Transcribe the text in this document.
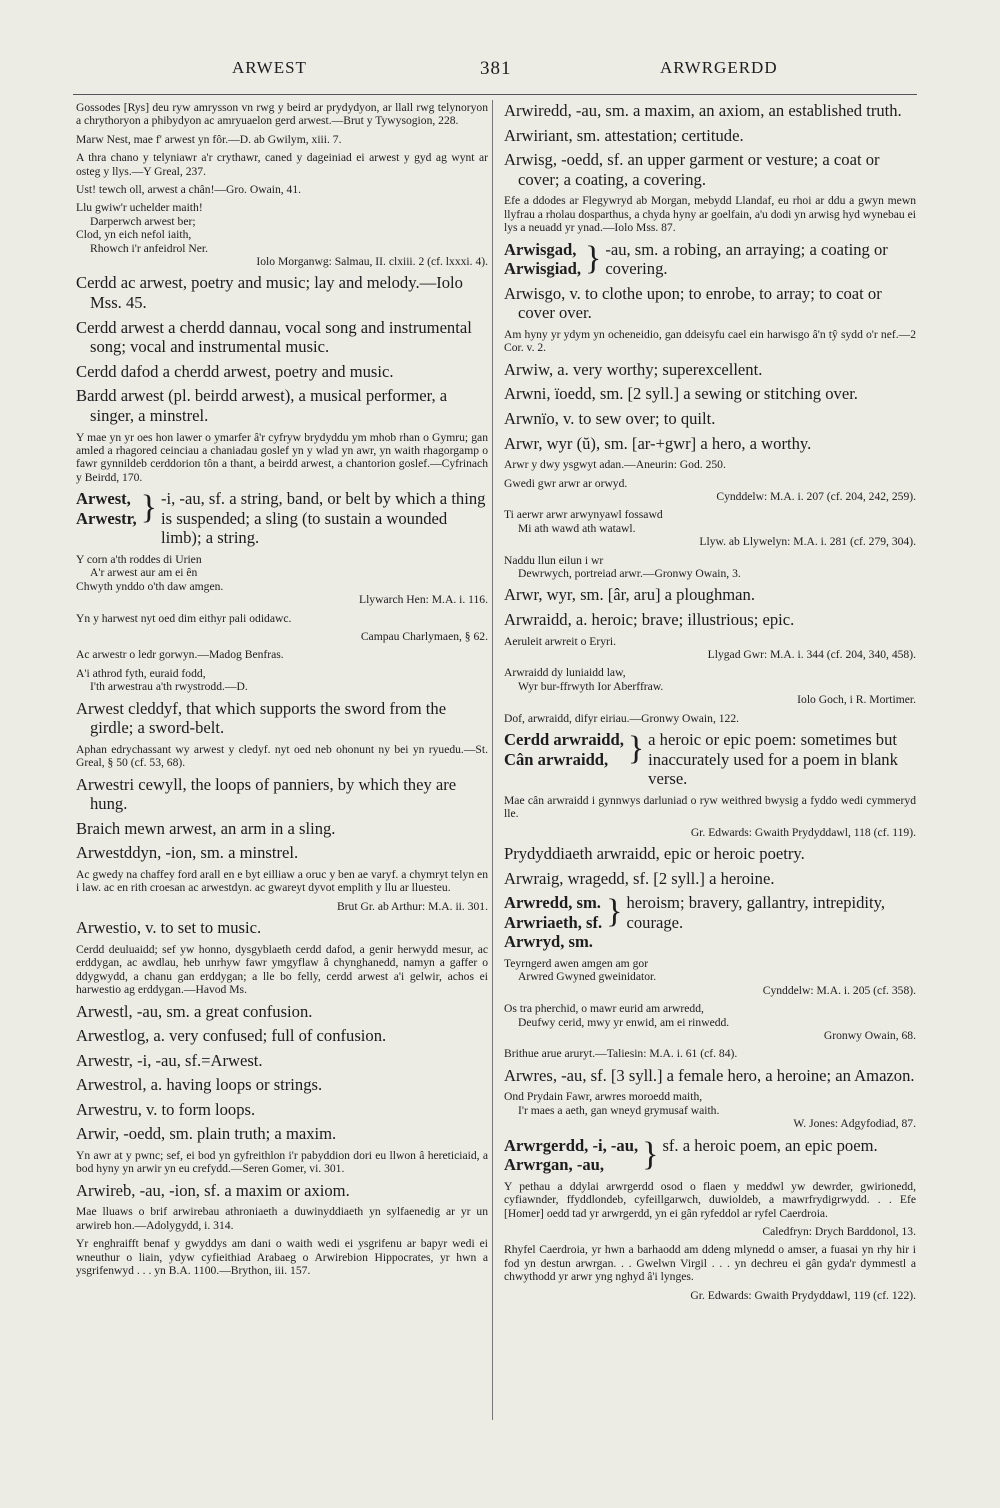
ARWEST	381	ARWRGERDD

Gossodes [Rys] deu ryw amrysson vn rwg y beird ar prydydyon, ar llall rwg telynoryon a chrythoryon a phibydyon ac amryuaelon gerd arwest.—Brut y Tywysogion, 228.

Marw Nest, mae f' arwest yn fôr.—D. ab Gwilym, xiii. 7.

A thra chano y telyniawr a'r crythawr, caned y dageiniad ei arwest y gyd ag wynt ar osteg y llys.—Y Greal, 237.

Ust! tewch oll, arwest a chân!—Gro. Owain, 41.

Llu gwiw'r uchelder maith!
Darperwch arwest ber;
Clod, yn eich nefol iaith,
Rhowch i'r anfeidrol Ner.
Iolo Morganwg: Salmau, II. clxiii. 2 (cf. lxxxi. 4).

Cerdd ac arwest, poetry and music; lay and melody.—Iolo Mss. 45.

Cerdd arwest a cherdd dannau, vocal song and instrumental song; vocal and instrumental music.

Cerdd dafod a cherdd arwest, poetry and music.

Bardd arwest (pl. beirdd arwest), a musical performer, a singer, a minstrel.

Y mae yn yr oes hon lawer o ymarfer â'r cyfryw brydyddu ym mhob rhan o Gymru; gan amled a rhagored ceinciau a chaniadau goslef yn y wlad yn awr, yn waith rhagorgamp o fawr gynnildeb cerddorion tôn a thant, a beirdd arwest, a chantorion goslef.—Cyfrinach y Beirdd, 170.

Arwest,
Arwestr, } -i, -au, sf. a string, band, or belt by which a thing is suspended; a sling (to sustain a wounded limb); a string.
Y corn a'th roddes di Urien
A'r arwest aur am ei ên
Chwyth ynddo o'th daw amgen.
Llywarch Hen: M.A. i. 116.

Yn y harwest nyt oed dim eithyr pali odidawc.

Campau Charlymaen, § 62.

Ac arwestr o ledr gorwyn.—Madog Benfras.

A'i athrod fyth, euraid fodd,
I'th arwestrau a'th rwystrodd.—D.

Arwest cleddyf, that which supports the sword from the girdle; a sword-belt.

Aphan edrychassant wy arwest y cledyf. nyt oed neb ohonunt ny bei yn ryuedu.—St. Greal, § 50 (cf. 53, 68).

Arwestri cewyll, the loops of panniers, by which they are hung.

Braich mewn arwest, an arm in a sling.

Arwestddyn, -ion, sm. a minstrel.

Ac gwedy na chaffey ford arall en e byt eilliaw a oruc y ben ae varyf. a chymryt telyn en i law. ac en rith croesan ac arwestdyn. ac gwareyt dyvot emplith y llu ar lluesteu.

Brut Gr. ab Arthur: M.A. ii. 301.

Arwestio, v. to set to music.

Cerdd deuluaidd; sef yw honno, dysgyblaeth cerdd dafod, a genir herwydd mesur, ac erddygan, ac awdlau, heb unrhyw fawr ymgyflaw â chynghanedd, namyn a gaffer o ddygwydd, a chanu gan erddygan; a lle bo felly, cerdd arwest a'i gelwir, achos ei harwestio ag erddygan.—Havod Ms.

Arwestl, -au, sm. a great confusion.

Arwestlog, a. very confused; full of confusion.

Arwestr, -i, -au, sf.=Arwest.

Arwestrol, a. having loops or strings.

Arwestru, v. to form loops.

Arwir, -oedd, sm. plain truth; a maxim.

Yn awr at y pwnc; sef, ei bod yn gyfreithlon i'r pabyddion dori eu llwon â hereticiaid, a bod hyny yn arwir yn eu crefydd.—Seren Gomer, vi. 301.

Arwireb, -au, -ion, sf. a maxim or axiom.

Mae lluaws o brif arwirebau athroniaeth a duwinyddiaeth yn sylfaenedig ar yr un arwireb hon.—Adolygydd, i. 314.

Yr enghraifft benaf y gwyddys am dani o waith wedi ei ysgrifenu ar bapyr wedi ei wneuthur o liain, ydyw cyfieithiad Arabaeg o Arwirebion Hippocrates, yr hwn a ysgrifenwyd . . . yn B.A. 1100.—Brython, iii. 157.

Arwiredd, -au, sm. a maxim, an axiom, an established truth.

Arwiriant, sm. attestation; certitude.

Arwisg, -oedd, sf. an upper garment or vesture; a coat or cover; a coating, a covering.

Efe a ddodes ar Flegywryd ab Morgan, mebydd Llandaf, eu rhoi ar ddu a gwyn mewn llyfrau a rholau dosparthus, a chyda hyny ar goelfain, a'u dodi yn arwisg hyd wynebau ei lys a neuadd yr ynad.—Iolo Mss. 87.

Arwisgad,
Arwisgiad, } -au, sm. a robing, an arraying; a coating or covering.

Arwisgo, v. to clothe upon; to enrobe, to array; to coat or cover over.

Am hyny yr ydym yn ocheneidio, gan ddeisyfu cael ein harwisgo â'n tŷ sydd o'r nef.—2 Cor. v. 2.

Arwiw, a. very worthy; superexcellent.

Arwni, ïoedd, sm. [2 syll.] a sewing or stitching over.

Arwnïo, v. to sew over; to quilt.

Arwr, wyr (ŭ), sm. [ar-+gwr] a hero, a worthy.

Arwr y dwy ysgwyt adan.—Aneurin: God. 250.

Gwedi gwr arwr ar orwyd.
Cynddelw: M.A. i. 207 (cf. 204, 242, 259).
Ti aerwr arwr arwynyawl fossawd
Mi ath wawd ath watawl.
Llyw. ab Llywelyn: M.A. i. 281 (cf. 279, 304).
Naddu llun eilun i wr
Dewrwych, portreiad arwr.—Gronwy Owain, 3.

Arwr, wyr, sm. [âr, aru] a ploughman.

Arwraidd, a. heroic; brave; illustrious; epic.

Aeruleit arwreit o Eryri.
Llygad Gwr: M.A. i. 344 (cf. 204, 340, 458).
Arwraidd dy luniaidd law,
Wyr bur-ffrwyth Ior Aberffraw.
Iolo Goch, i R. Mortimer.

Dof, arwraidd, difyr eiriau.—Gronwy Owain, 122.

Cerdd arwraidd,
Cân arwraidd, } a heroic or epic poem: sometimes but inaccurately used for a poem in blank verse.

Mae cân arwraidd i gynnwys darluniad o ryw weithred bwysig a fyddo wedi cymmeryd lle.

Gr. Edwards: Gwaith Prydyddawl, 118 (cf. 119).

Prydyddiaeth arwraidd, epic or heroic poetry.

Arwraig, wragedd, sf. [2 syll.] a heroine.

Arwredd, sm.
Arwriaeth, sf.
Arwryd, sm.
} heroism; bravery, gallantry, intrepidity, courage.
Teyrngerd awen amgen am gor
Arwred Gwyned gweinidator.
Cynddelw: M.A. i. 205 (cf. 358).
Os tra pherchid, o mawr eurid am arwredd,
Deufwy cerid, mwy yr enwid, am ei rinwedd.
Gronwy Owain, 68.

Brithue arue aruryt.—Taliesin: M.A. i. 61 (cf. 84).

Arwres, -au, sf. [3 syll.] a female hero, a heroine; an Amazon.

Ond Prydain Fawr, arwres moroedd maith,
I'r maes a aeth, gan wneyd grymusaf waith.
W. Jones: Adgyfodiad, 87.
Arwrgerdd, -i, -au,
Arwrgan, -au,	} sf. a heroic poem, an epic poem.

Y pethau a ddylai arwrgerdd osod o flaen y meddwl yw dewrder, gwirionedd, cyfiawnder, ffyddlondeb, cyfeillgarwch, duwioldeb, a mawrfrydigrwydd. . . Efe [Homer] oedd tad yr arwrgerdd, yn ei gân ryfeddol ar ryfel Caerdroia.

Caledfryn: Drych Barddonol, 13.

Rhyfel Caerdroia, yr hwn a barhaodd am ddeng mlynedd o amser, a fuasai yn rhy hir i fod yn destun arwrgan. . . Gwelwn Virgil . . . yn dechreu ei gân gyda'r dymmestl a chwythodd yr arwr yng nghyd â'i lynges.

Gr. Edwards: Gwaith Prydyddawl, 119 (cf. 122).
